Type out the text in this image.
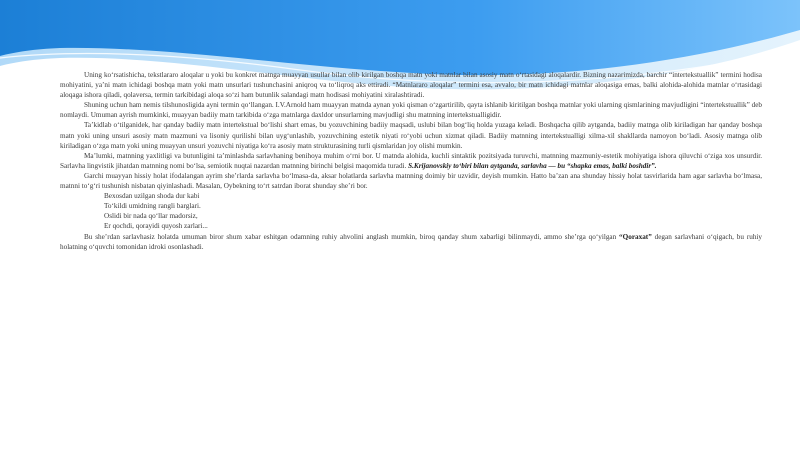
Uning ko‘rsatishicha, tekstlararo aloqalar u yoki bu konkret matnga muayyan usullar bilan olib kirilgan boshqa matn yoki matnlar bilan asosiy matn o‘rtasidagi aloqalardir. Bizning nazarimizda, barchir “intertekstuallik” termini hodisa mohiyatini, ya’ni matn ichidagi boshqa matn yoki matn unsurlari tushunchasini aniqroq va to‘liqroq aks ettiradi. “Matnlararo aloqalar” termini esa, avvalo, bir matn ichidagi matnlar aloqasiga emas, balki alohida-alohida matnlar o‘rtasidagi aloqaga ishora qiladi, qolaversa, termin tarkibidagi aloqa so‘zi ham butunlik salandagi matn hodisasi mohiyatini xiralashtiradi.

Shuning uchun ham nemis tilshunosligida ayni termin qo‘llangan. I.V.Arnold ham muayyan matnda aynan yoki qisman o‘zgartirilib, qayta ishlanib kiritilgan boshqa matnlar yoki ularning qismlarining mavjudligini “intertekstuallik” deb nomlaydi. Umuman ayrish mumkinki, muayyan badiiy matn tarkibida o‘zga matnlarga daxldor unsurlarning mavjudligi shu matnning intertekstualligidir.

Ta’kidlab o‘tilganidek, har qanday badiiy matn intertekstual bo‘lishi shart emas, bu yozuvchining badiiy maqsadi, uslubi bilan bog‘liq holda yuzaga keladi. Boshqacha qilib aytganda, badiiy matnga olib kiriladigan har qanday boshqa matn yoki uning unsuri asosiy matn mazmuni va lisoniy qurilishi bilan uyg‘unlashib, yozuvchining estetik niyati ro‘yobi uchun xizmat qiladi. Badiiy matnning intertekstualligi xilma-xil shakllarda namoyon bo‘ladi. Asosiy matnga olib kiriladigan o‘zga matn yoki uning muayyan unsuri yozuvchi niyatiga ko‘ra asosiy matn strukturasining turli qismlaridan joy olishi mumkin.

Ma’lumki, matnning yaxlitligi va butunligini ta’minlashda sarlavhaning benihoya muhim o‘rni bor. U matnda alohida, kuchli sintaktik pozitsiyada turuvchi, matnning mazmuniy-estetik mohiyatiga ishora qiluvchi o‘ziga xos unsurdir. Sarlavha lingvistik jihatdan matnning nomi bo‘lsa, semiotik nuqtai nazardan matnning birinchi belgisi maqomida turadi. S.Krijanovskiy to‘biri bilan aytganda, sarlavha — bu “shapka emas, balki boshdir”.

Garchi muayyan hissiy holat ifodalangan ayrim she’rlarda sarlavha bo‘lmasa-da, aksar holatlarda sarlavha matnning doimiy bir uzvidir, deyish mumkin. Hatto ba’zan ana shunday hissiy holat tasvirlarida ham agar sarlavha bo‘lmasa, matnni to‘g‘ri tushunish nisbatan qiyinlashadi. Masalan, Oybekning to‘rt satrdan iborat shunday she’ri bor.

Bexosdan uzilgan shoda dur kabi
To‘kildi umidning rangli barglari.
Oslidi bir nada qo‘llar madorsiz,
Er qochdi, qorayidi quyosh zarlari...

Bu she’rdan sarlavhasiz holatda umuman biror shum xabar eshitgan odamning ruhiy ahvolini anglash mumkin, biroq qanday shum xabarligi bilinmaydi, ammo she’rga qo‘yilgan “Qoraxat” degan sarlavhani o‘qigach, bu ruhiy holatning o‘quvchi tomonidan idroki osonlashadi.
